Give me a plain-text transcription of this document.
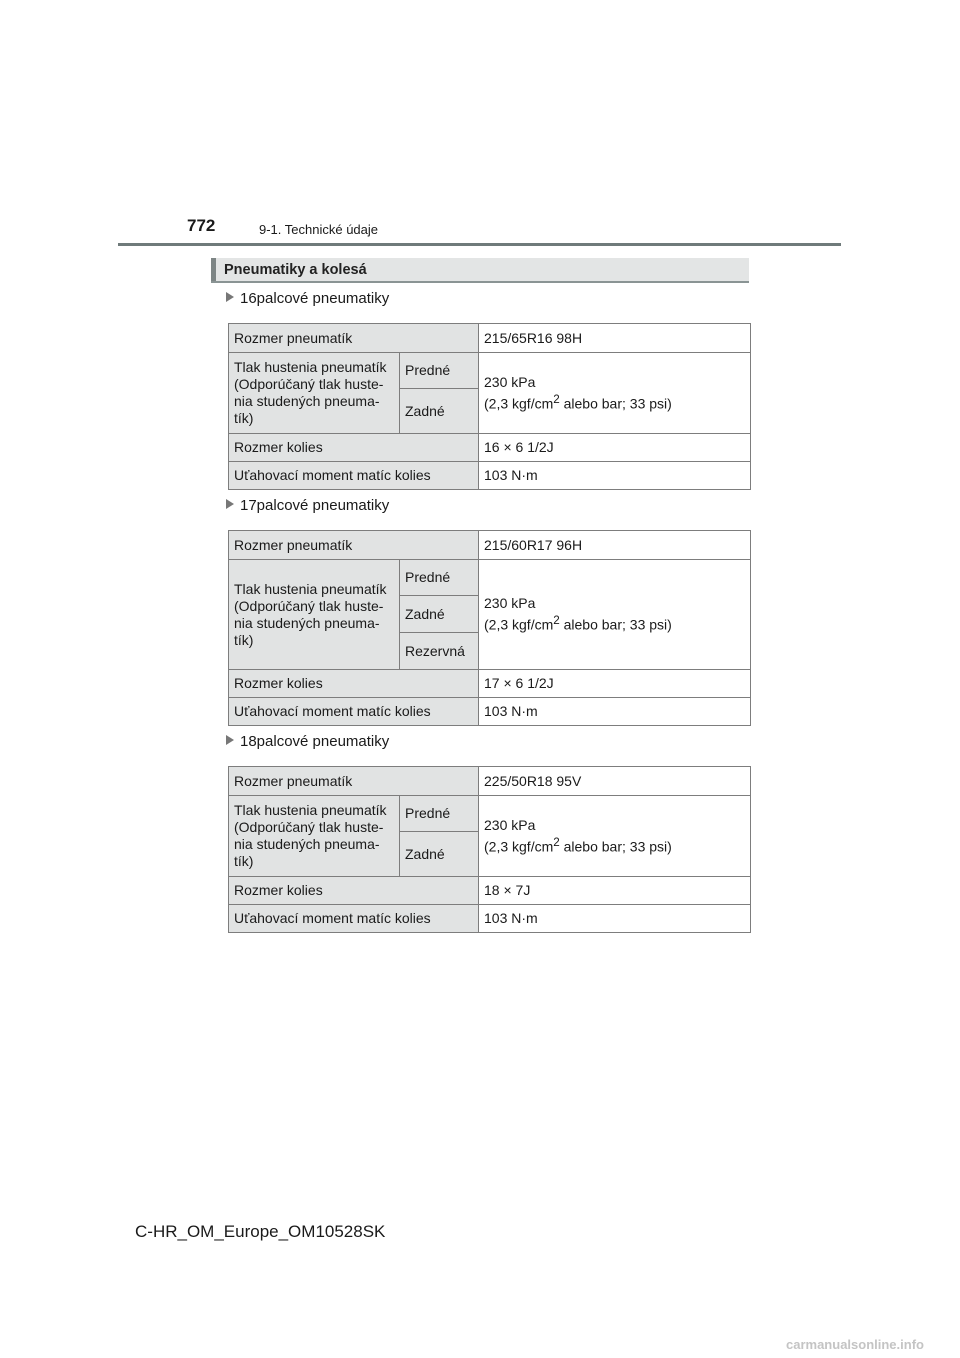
772	9-1. Technické údaje
Pneumatiky a kolesá
16palcové pneumatiky
Rozmer pneumatík		215/65R16 98H
Tlak hustenia pneumatík
(Odporúčaný tlak huste-
nia studených pneuma-
tík)	Predné	230 kPa
(2,3 kgf/$cm^2$ alebo bar; 33 psi)
	Zadné	
Rozmer kolies		16 × 6 1/2J
Uťahovací moment matíc kolies		103 N·m
17palcové pneumatiky
Rozmer pneumatík		215/60R17 96H
Tlak hustenia pneumatík
(Odporúčaný tlak huste-
nia studených pneuma-
tík)	Predné	230 kPa
(2,3 kgf/$cm^2$ alebo bar; 33 psi)
	Zadné	
	Rezervná	
Rozmer kolies		17 × 6 1/2J
Uťahovací moment matíc kolies		103 N·m
18palcové pneumatiky
Rozmer pneumatík		225/50R18 95V
Tlak hustenia pneumatík
(Odporúčaný tlak huste-
nia studených pneuma-
tík)	Predné	230 kPa
(2,3 kgf/$cm^2$ alebo bar; 33 psi)
	Zadné	
Rozmer kolies		18 × 7J
Uťahovací moment matíc kolies		103 N·m
C-HR_OM_Europe_OM10528SK
carmanualsonline.info
